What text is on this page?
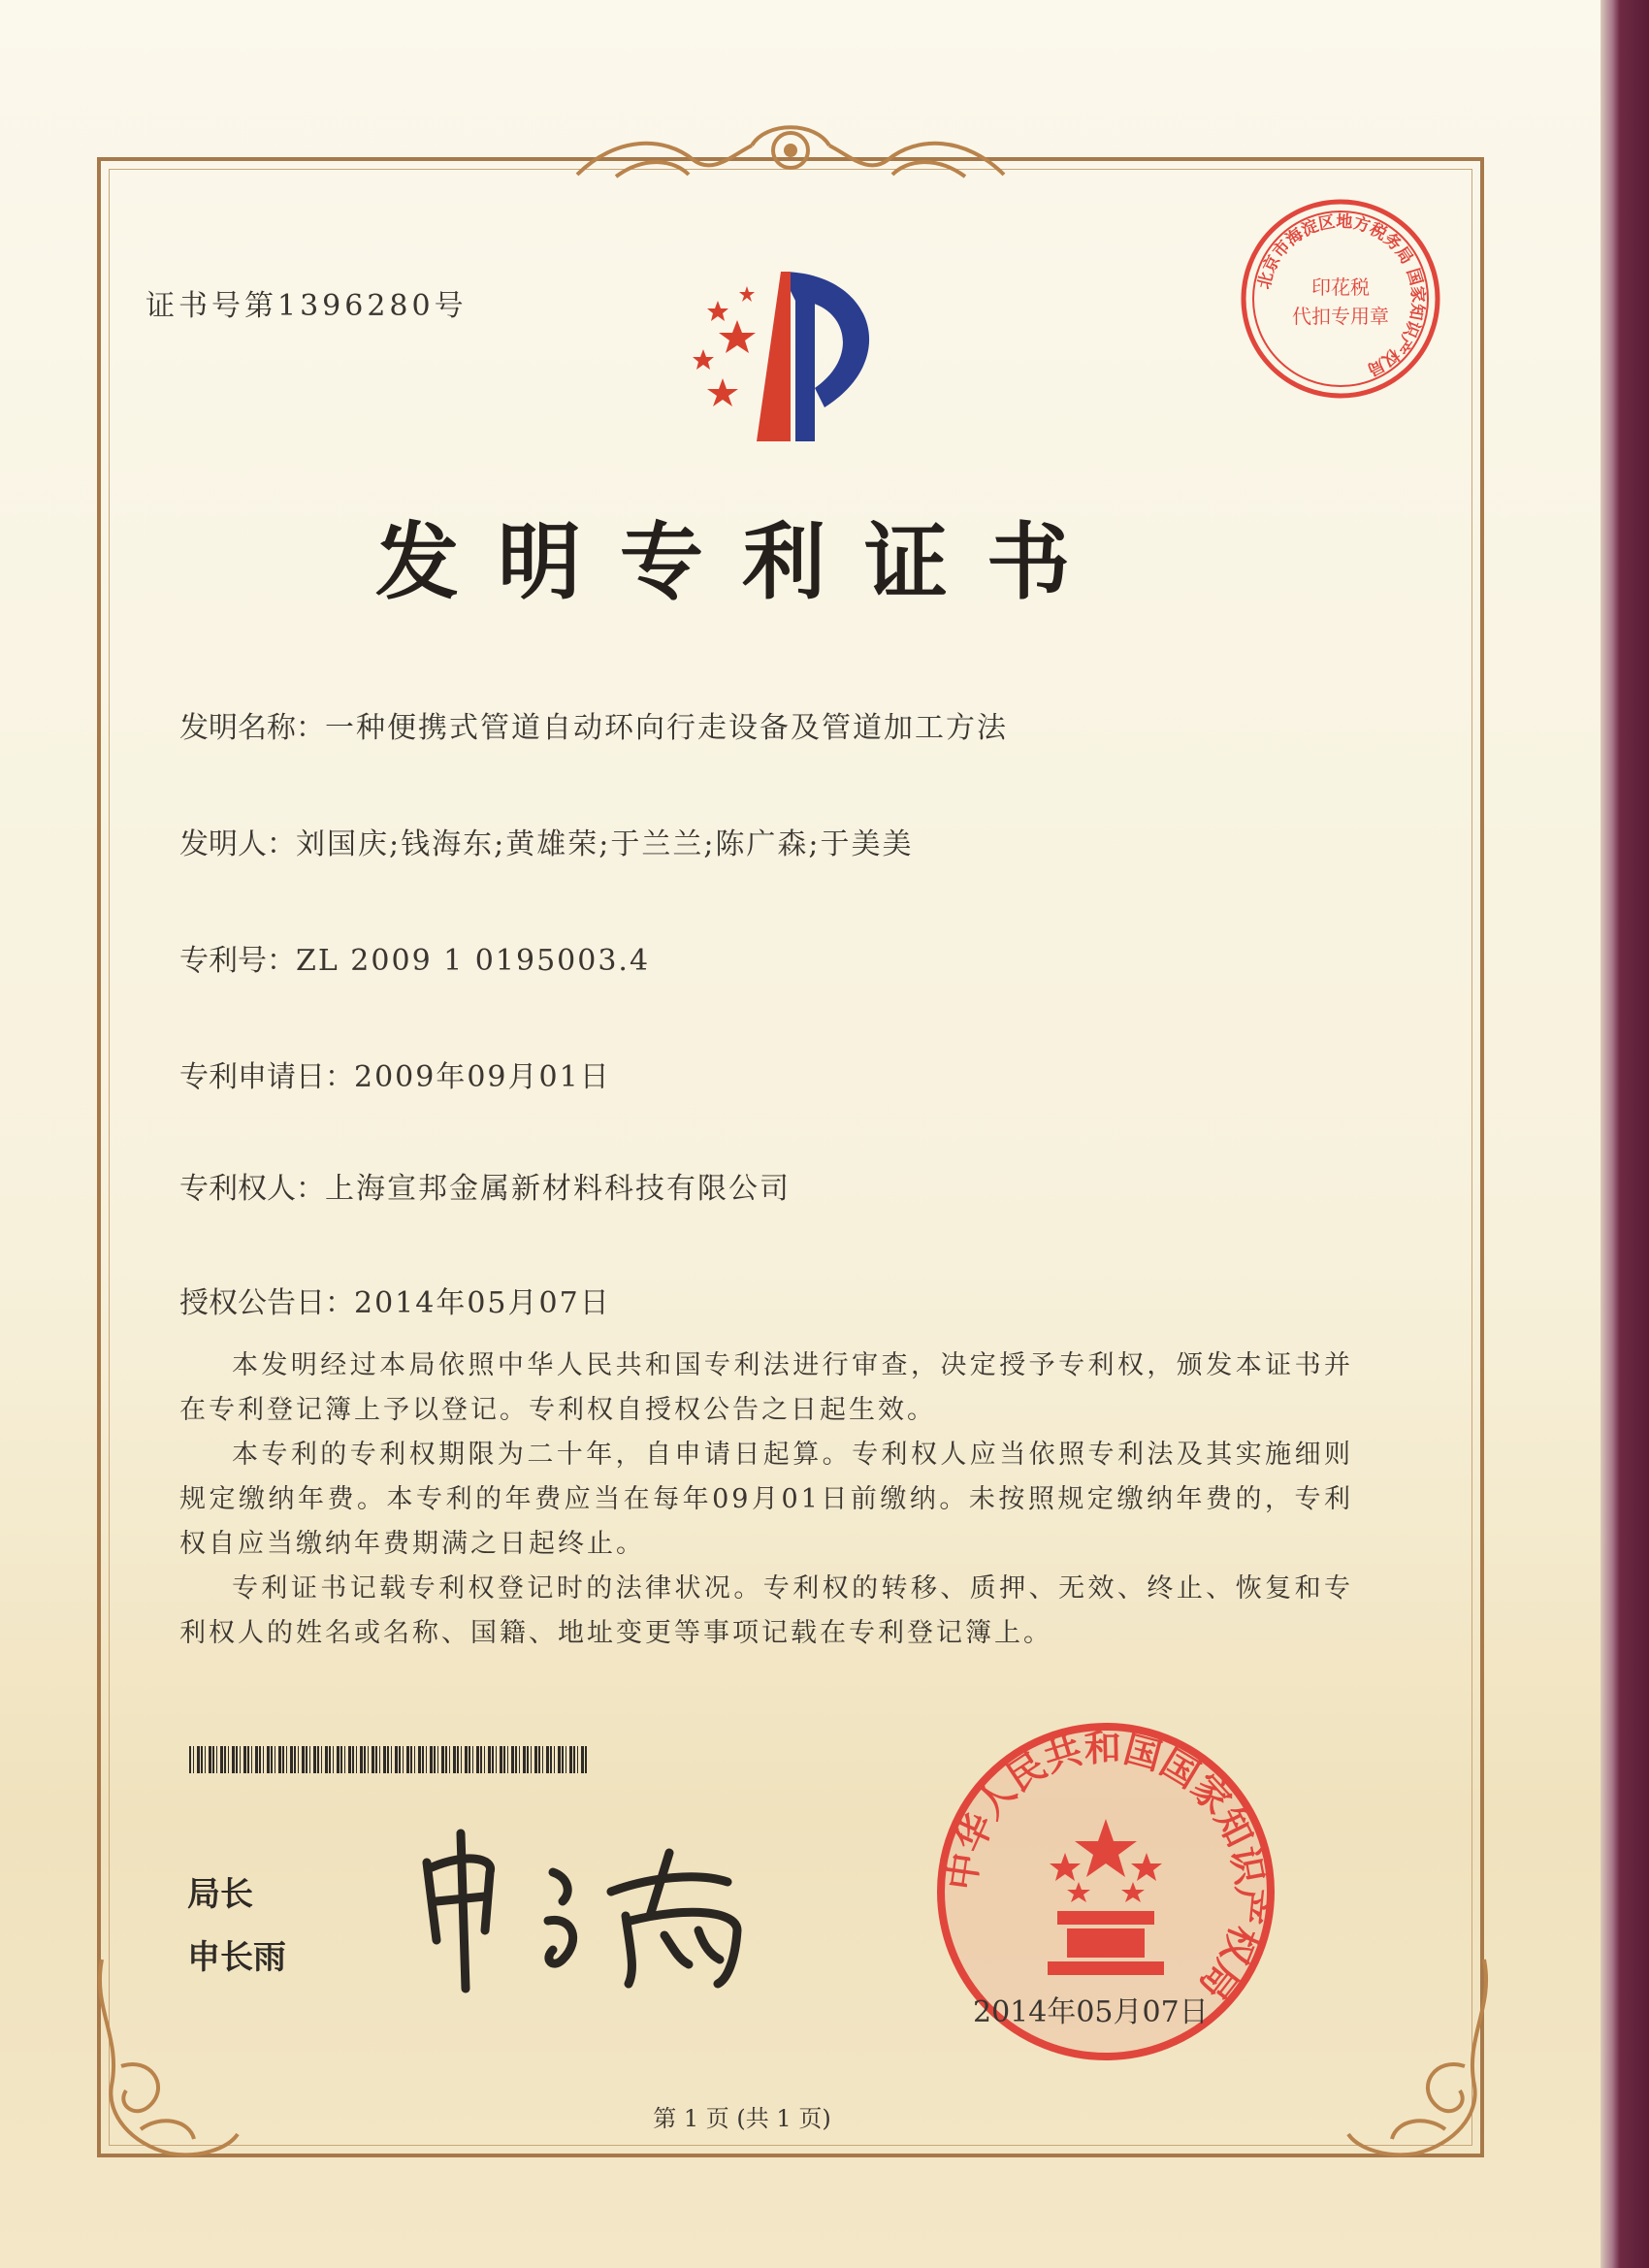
证书号第1396280号
北京市海淀区地方税务局 国家知识产权局
印花税
代扣专用章
发明专利证书
发明名称：一种便携式管道自动环向行走设备及管道加工方法
发明人：刘国庆;钱海东;黄雄荣;于兰兰;陈广森;于美美
专利号：ZL 2009 1 0195003.4
专利申请日：2009年09月01日
专利权人：上海宣邦金属新材料科技有限公司
授权公告日：2014年05月07日

本发明经过本局依照中华人民共和国专利法进行审查，决定授予专利权，颁发本证书并在专利登记簿上予以登记。专利权自授权公告之日起生效。

本专利的专利权期限为二十年，自申请日起算。专利权人应当依照专利法及其实施细则规定缴纳年费。本专利的年费应当在每年09月01日前缴纳。未按照规定缴纳年费的，专利权自应当缴纳年费期满之日起终止。

专利证书记载专利权登记时的法律状况。专利权的转移、质押、无效、终止、恢复和专利权人的姓名或名称、国籍、地址变更等事项记载在专利登记簿上。

局长
申长雨
中华人民共和国国家知识产权局
2014年05月07日
第 1 页 (共 1 页)
